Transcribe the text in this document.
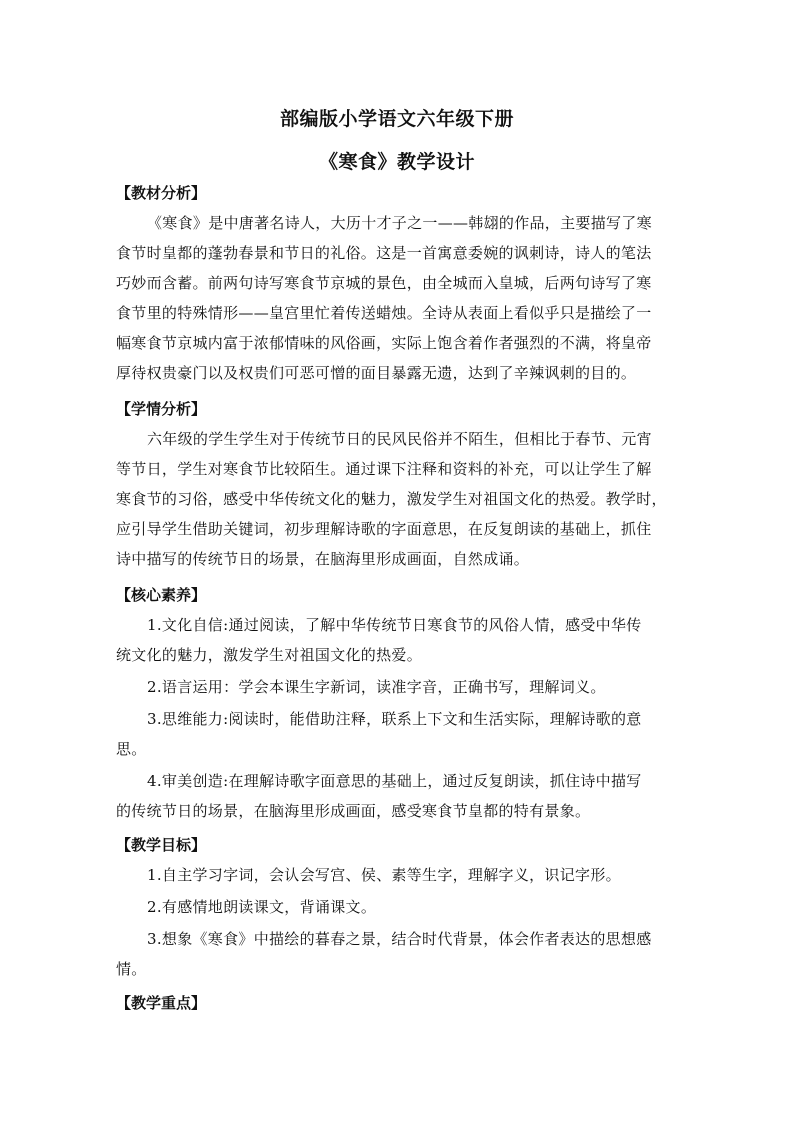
部编版小学语文六年级下册
《寒食》教学设计
【教材分析】
《寒食》是中唐著名诗人，大历十才子之一——韩翃的作品，主要描写了寒
食节时皇都的蓬勃春景和节日的礼俗。这是一首寓意委婉的讽刺诗，诗人的笔法
巧妙而含蓄。前两句诗写寒食节京城的景色，由全城而入皇城，后两句诗写了寒
食节里的特殊情形——皇宫里忙着传送蜡烛。全诗从表面上看似乎只是描绘了一
幅寒食节京城内富于浓郁情味的风俗画，实际上饱含着作者强烈的不满，将皇帝
厚待权贵豪门以及权贵们可恶可憎的面目暴露无遗，达到了辛辣讽刺的目的。
【学情分析】
六年级的学生学生对于传统节日的民风民俗并不陌生，但相比于春节、元宵
等节日，学生对寒食节比较陌生。通过课下注释和资料的补充，可以让学生了解
寒食节的习俗，感受中华传统文化的魅力，激发学生对祖国文化的热爱。教学时，
应引导学生借助关键词，初步理解诗歌的字面意思，在反复朗读的基础上，抓住
诗中描写的传统节日的场景，在脑海里形成画面，自然成诵。
【核心素养】
1.文化自信:通过阅读，了解中华传统节日寒食节的风俗人情，感受中华传
统文化的魅力，激发学生对祖国文化的热爱。
2.语言运用：学会本课生字新词，读准字音，正确书写，理解词义。
3.思维能力:阅读时，能借助注释，联系上下文和生活实际，理解诗歌的意
思。
4.审美创造:在理解诗歌字面意思的基础上，通过反复朗读，抓住诗中描写
的传统节日的场景，在脑海里形成画面，感受寒食节皇都的特有景象。
【教学目标】
1.自主学习字词，会认会写宫、侯、素等生字，理解字义，识记字形。
2.有感情地朗读课文，背诵课文。
3.想象《寒食》中描绘的暮春之景，结合时代背景，体会作者表达的思想感
情。
【教学重点】
